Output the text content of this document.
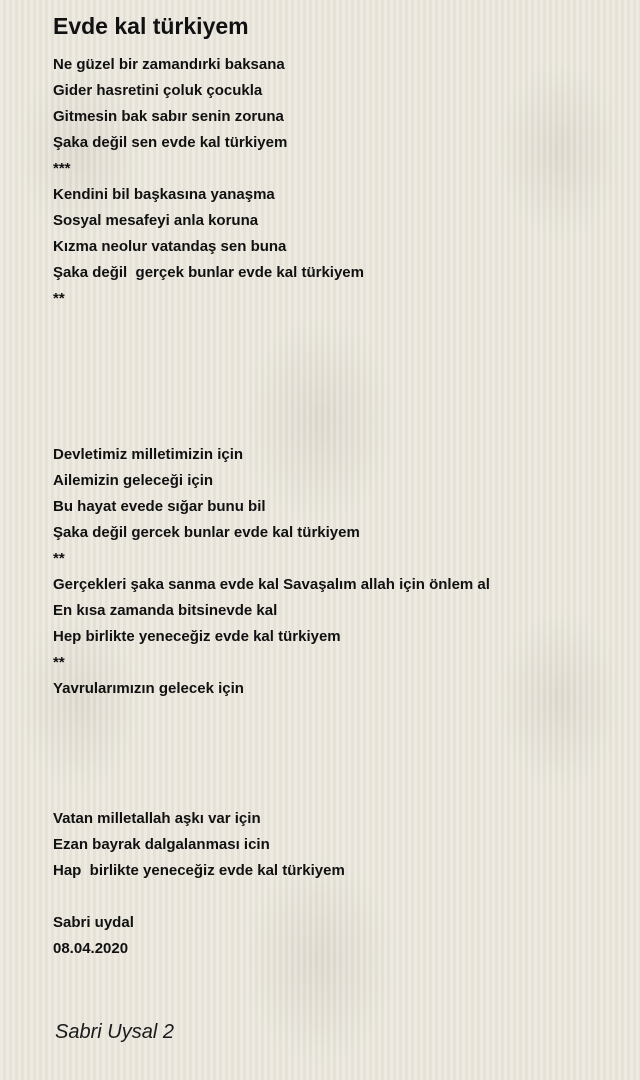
Evde kal türkiyem
Ne güzel bir zamandırki baksana
Gider hasretini çoluk çocukla
Gitmesin bak sabır senin zoruna
Şaka değil sen evde kal türkiyem
***
Kendini bil başkasına yanaşma
Sosyal mesafeyi anla koruna
Kızma neolur vatandaş sen buna
Şaka değil  gerçek bunlar evde kal türkiyem
**
Devletimiz milletimizin için
Ailemizin geleceği için
Bu hayat evede sığar bunu bil
Şaka değil gercek bunlar evde kal türkiyem
**
Gerçekleri şaka sanma evde kal Savaşalım allah için önlem al
En kısa zamanda bitsinevde kal
Hep birlikte yeneceğiz evde kal türkiyem
**
Yavrularımızın gelecek için
Vatan milletallah aşkı var için
Ezan bayrak dalgalanması icin
Hap  birlikte yeneceğiz evde kal türkiyem
Sabri uydal
08.04.2020
Sabri Uysal 2
